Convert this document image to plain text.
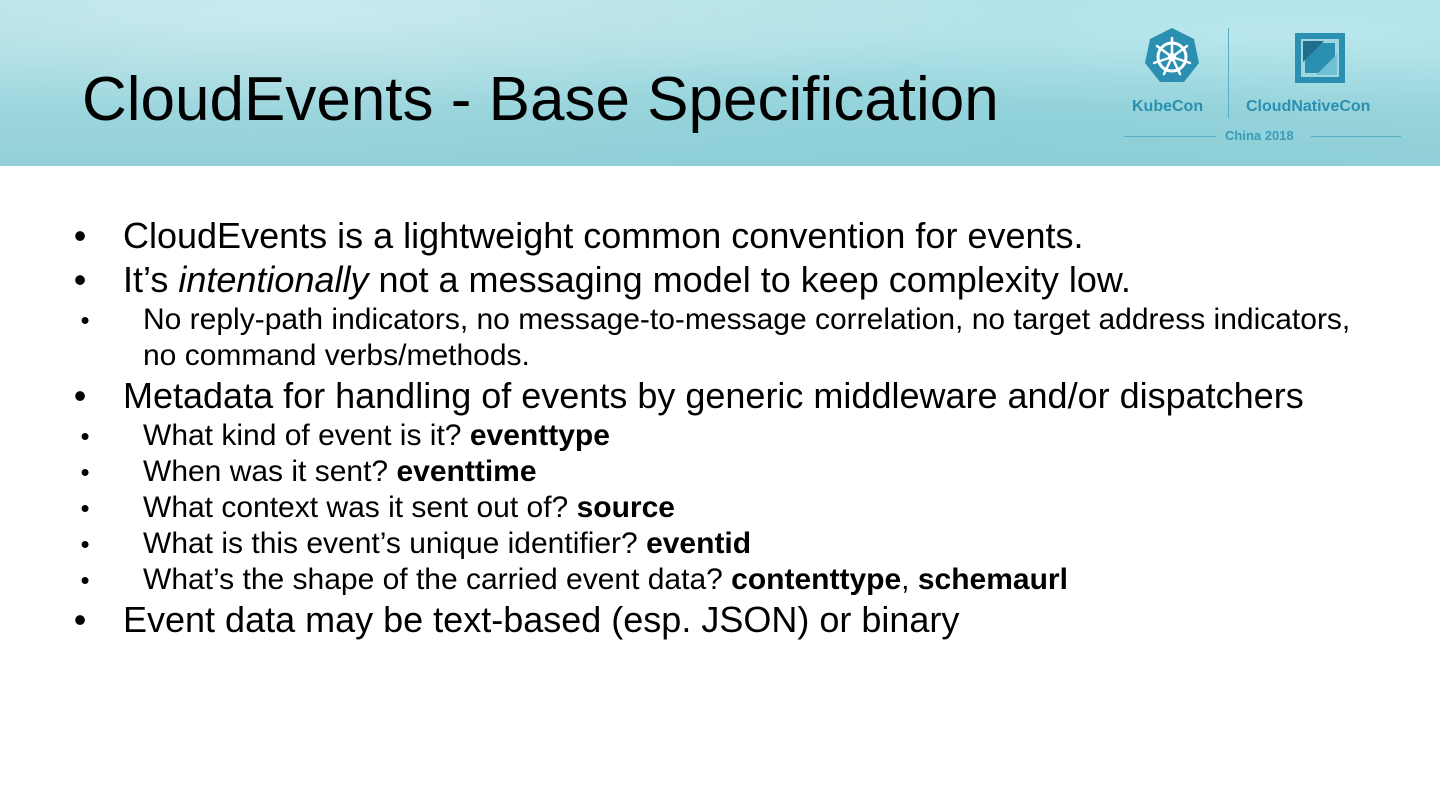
CloudEvents - Base Specification	KubeCon	CloudNativeCon
China 2018
• CloudEvents is a lightweight common convention for events.
• It’s intentionally not a messaging model to keep complexity low.
• No reply-path indicators, no message-to-message correlation, no target address indicators, no command verbs/methods.
• Metadata for handling of events by generic middleware and/or dispatchers
• What kind of event is it? eventtype
• When was it sent? eventtime
• What context was it sent out of? source
• What is this event’s unique identifier? eventid
• What’s the shape of the carried event data? contenttype, schemaurl
• Event data may be text-based (esp. JSON) or binary
